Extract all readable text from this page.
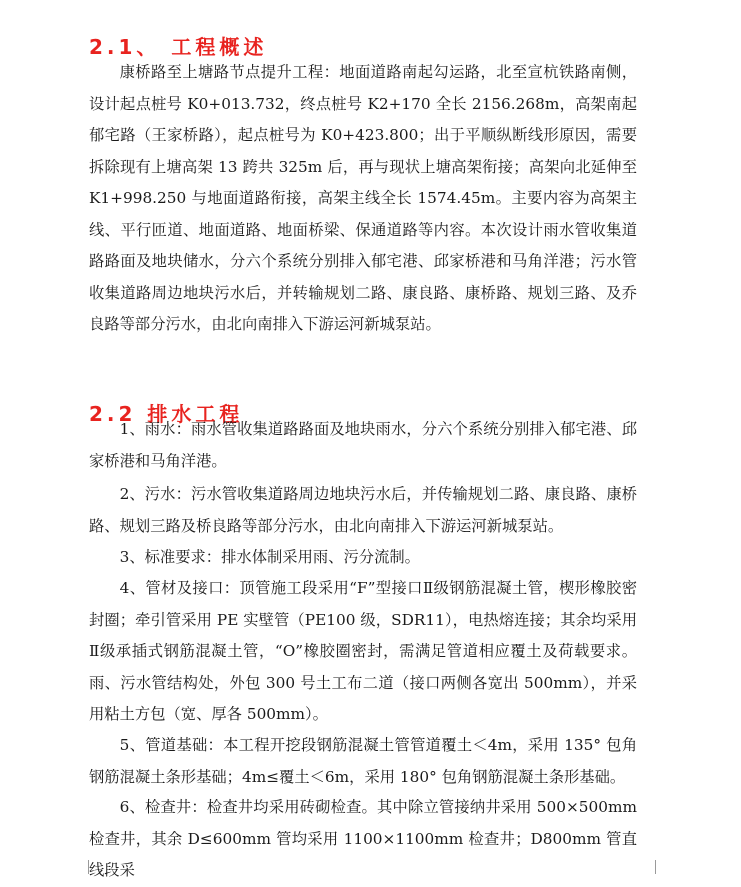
2.1、 工程概述

康桥路至上塘路节点提升工程：地面道路南起勾运路，北至宣杭铁路南侧，设计起点桩号 K0+013.732，终点桩号 K2+170 全长 2156.268m，高架南起郁宅路（王家桥路），起点桩号为 K0+423.800；出于平顺纵断线形原因，需要拆除现有上塘高架 13 跨共 325m 后，再与现状上塘高架衔接；高架向北延伸至 K1+998.250 与地面道路衔接，高架主线全长 1574.45m。主要内容为高架主线、平行匝道、地面道路、地面桥梁、保通道路等内容。本次设计雨水管收集道路路面及地块储水，分六个系统分别排入郁宅港、邱家桥港和马角洋港；污水管收集道路周边地块污水后，并转输规划二路、康良路、康桥路、规划三路、及乔良路等部分污水，由北向南排入下游运河新城泵站。

2.2 排水工程

1、雨水：雨水管收集道路路面及地块雨水，分六个系统分别排入郁宅港、邱家桥港和马角洋港。

2、污水：污水管收集道路周边地块污水后，并传输规划二路、康良路、康桥路、规划三路及桥良路等部分污水，由北向南排入下游运河新城泵站。

3、标准要求：排水体制采用雨、污分流制。

4、管材及接口：顶管施工段采用“F”型接口Ⅱ级钢筋混凝土管，楔形橡胶密封圈；牵引管采用 PE 实壁管（PE100 级，SDR11），电热熔连接；其余均采用Ⅱ级承插式钢筋混凝土管，“O”橡胶圈密封，需满足管道相应覆土及荷载要求。雨、污水管结构处，外包 300 号土工布二道（接口两侧各宽出 500mm），并采用粘土方包（宽、厚各 500mm）。

5、管道基础：本工程开挖段钢筋混凝土管管道覆土＜4m，采用 135° 包角钢筋混凝土条形基础；4m≤覆土＜6m，采用 180° 包角钢筋混凝土条形基础。

6、检查井：检查井均采用砖砌检查。其中除立管接纳井采用 500×500mm 检查井，其余 D≤600mm 管均采用 1100×1100mm 检查井；D800mm 管直线段采
